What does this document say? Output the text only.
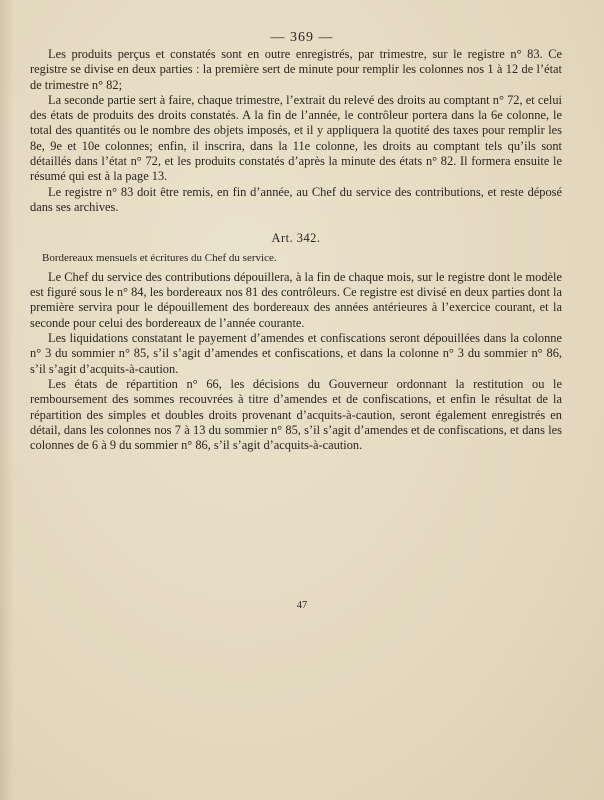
— 369 —

Les produits perçus et constatés sont en outre enregistrés, par trimestre, sur le registre n° 83. Ce registre se divise en deux parties : la première sert de minute pour remplir les colonnes nos 1 à 12 de l’état de trimestre n° 82;

La seconde partie sert à faire, chaque trimestre, l’extrait du relevé des droits au comptant n° 72, et celui des états de produits des droits constatés. A la fin de l’année, le contrôleur portera dans la 6e colonne, le total des quantités ou le nombre des objets imposés, et il y appliquera la quotité des taxes pour remplir les 8e, 9e et 10e colonnes; enfin, il inscrira, dans la 11e colonne, les droits au comptant tels qu’ils sont détaillés dans l’état n° 72, et les produits constatés d’après la minute des états n° 82. Il formera ensuite le résumé qui est à la page 13.

Le registre n° 83 doit être remis, en fin d’année, au Chef du service des contributions, et reste déposé dans ses archives.

Art. 342.

Bordereaux mensuels et écritures du Chef du service.

Le Chef du service des contributions dépouillera, à la fin de chaque mois, sur le registre dont le modèle est figuré sous le n° 84, les bordereaux nos 81 des contrôleurs. Ce registre est divisé en deux parties dont la première servira pour le dépouillement des bordereaux des années antérieures à l’exercice courant, et la seconde pour celui des bordereaux de l’année courante.

Les liquidations constatant le payement d’amendes et confiscations seront dépouillées dans la colonne n° 3 du sommier n° 85, s’il s’agit d’amendes et confiscations, et dans la colonne n° 3 du sommier n° 86, s’il s’agit d’acquits-à-caution.

Les états de répartition n° 66, les décisions du Gouverneur ordonnant la restitution ou le remboursement des sommes recouvrées à titre d’amendes et de confiscations, et enfin le résultat de la répartition des simples et doubles droits provenant d’acquits-à-caution, seront également enregistrés en détail, dans les colonnes nos 7 à 13 du sommier n° 85, s’il s’agit d’amendes et de confiscations, et dans les colonnes de 6 à 9 du sommier n° 86, s’il s’agit d’acquits-à-caution.

47
